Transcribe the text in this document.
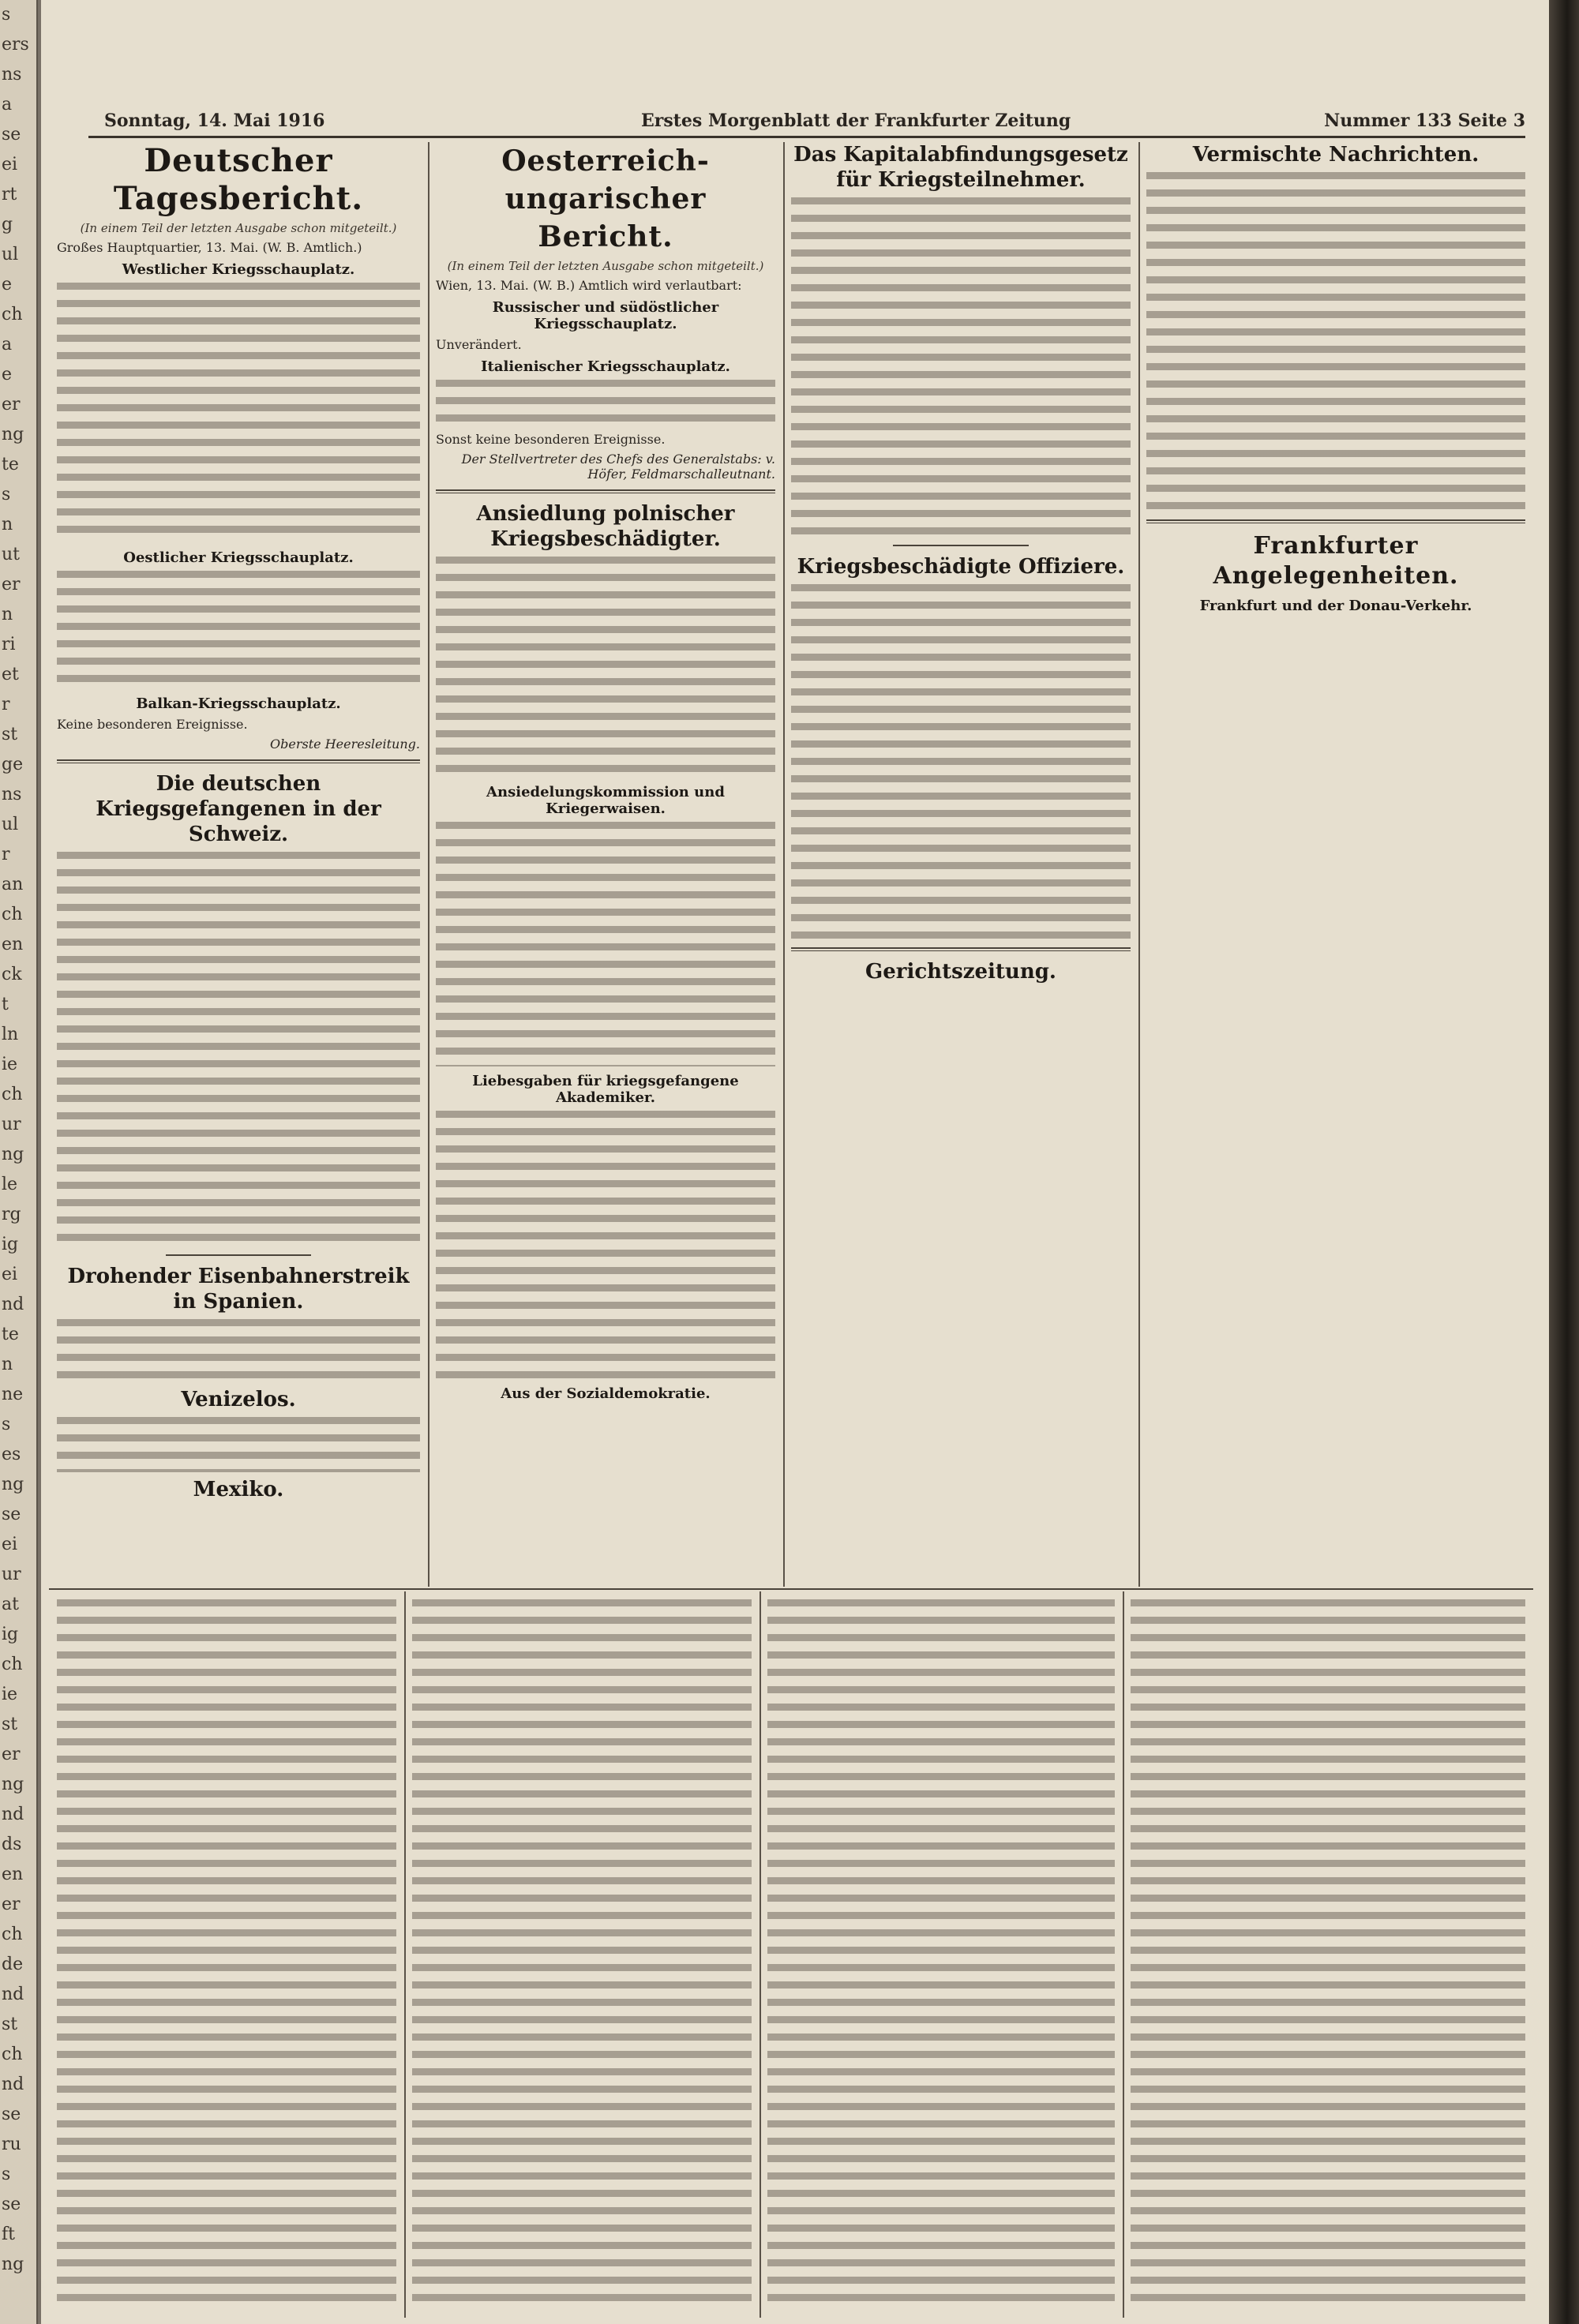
s

ers

ns

a

se

ei

rt

g

ul

e

ch

a

e

er

ng

te

s

n

ut

er

n

ri

et

r

st

ge

ns

ul

r

an

ch

en

ck

t

ln

ie

ch

ur

ng

le

rg

ig

ei

nd

te

n

ne

s

es

ng

se

ei

ur

at

ig

ch

ie

st

er

ng

nd

ds

en

er

ch

de

nd

st

ch

nd

se

ru

s

se

ft

ng

Sonntag, 14. Mai 1916	Erstes Morgenblatt der Frankfurter Zeitung	Nummer 133 Seite 3
Deutscher Tagesbericht.
(In einem Teil der letzten Ausgabe schon mitgeteilt.)
Großes Hauptquartier, 13. Mai. (W. B. Amtlich.)
Westlicher Kriegsschauplatz.
Oestlicher Kriegsschauplatz.
Balkan-Kriegsschauplatz.
Keine besonderen Ereignisse.
Oberste Heeresleitung.
Die deutschen Kriegsgefangenen in der Schweiz.
Drohender Eisenbahnerstreik in Spanien.
Venizelos.
Mexiko.
Oesterreich-ungarischer Bericht.
(In einem Teil der letzten Ausgabe schon mitgeteilt.)
Wien, 13. Mai. (W. B.) Amtlich wird verlautbart:
Russischer und südöstlicher Kriegsschauplatz.
Unverändert.
Italienischer Kriegsschauplatz.
Sonst keine besonderen Ereignisse.
Der Stellvertreter des Chefs des Generalstabs: v. Höfer, Feldmarschalleutnant.
Ansiedlung polnischer Kriegsbeschädigter.
Ansiedelungskommission und Kriegerwaisen.
Liebesgaben für kriegsgefangene Akademiker.
Aus der Sozialdemokratie.
Das Kapitalabfindungsgesetz für Kriegsteilnehmer.
Kriegsbeschädigte Offiziere.
Gerichtszeitung.
Vermischte Nachrichten.
Frankfurter Angelegenheiten.
Frankfurt und der Donau-Verkehr.
